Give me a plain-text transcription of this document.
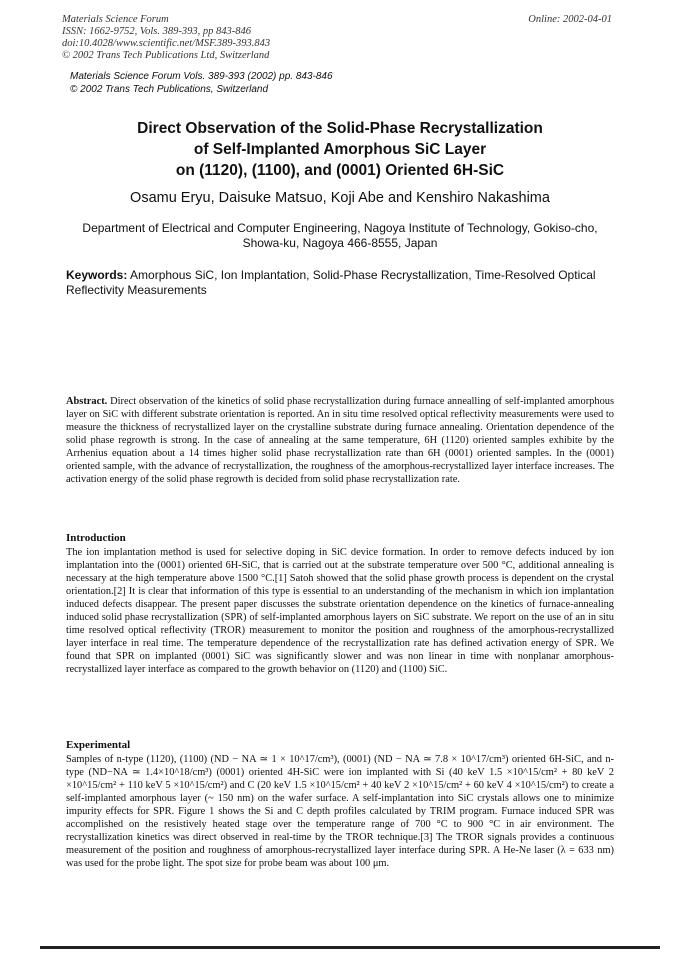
Materials Science Forum
ISSN: 1662-9752, Vols. 389-393, pp 843-846
doi:10.4028/www.scientific.net/MSF.389-393.843
© 2002 Trans Tech Publications Ltd, Switzerland
Online: 2002-04-01
Materials Science Forum Vols. 389-393 (2002) pp. 843-846
© 2002 Trans Tech Publications, Switzerland
Direct Observation of the Solid-Phase Recrystallization
of Self-Implanted Amorphous SiC Layer
on (1120), (1100), and (0001) Oriented 6H-SiC
Osamu Eryu, Daisuke Matsuo, Koji Abe and Kenshiro Nakashima
Department of Electrical and Computer Engineering, Nagoya Institute of Technology, Gokiso-cho,
Showa-ku, Nagoya 466-8555, Japan
Keywords: Amorphous SiC, Ion Implantation, Solid-Phase Recrystallization, Time-Resolved Optical Reflectivity Measurements
Abstract. Direct observation of the kinetics of solid phase recrystallization during furnace annealling of self-implanted amorphous layer on SiC with different substrate orientation is reported. An in situ time resolved optical reflectivity measurements were used to measure the thickness of recrystallized layer on the crystalline substrate during furnace annealing. Orientation dependence of the solid phase regrowth is strong. In the case of annealing at the same temperature, 6H (1120) oriented samples exhibite by the Arrhenius equation about a 14 times higher solid phase recrystallization rate than 6H (0001) oriented samples. In the (0001) oriented sample, with the advance of recrystallization, the roughness of the amorphous-recrystallized layer interface increases. The activation energy of the solid phase regrowth is decided from solid phase recrystallization rate.
Introduction
The ion implantation method is used for selective doping in SiC device formation. In order to remove defects induced by ion implantation into the (0001) oriented 6H-SiC, that is carried out at the substrate temperature over 500 °C, additional annealing is necessary at the high temperature above 1500 °C.[1] Satoh showed that the solid phase growth process is dependent on the crystal orientation.[2] It is clear that information of this type is essential to an understanding of the mechanism in which ion implantation induced defects disappear. The present paper discusses the substrate orientation dependence on the kinetics of furnace-annealing induced solid phase recrystallization (SPR) of self-implanted amorphous layers on SiC substrate. We report on the use of an in situ time resolved optical reflectivity (TROR) measurement to monitor the position and roughness of the amorphous-recrystallized layer interface in real time. The temperature dependence of the recrystallization rate has defined activation energy of SPR. We found that SPR on implanted (0001) SiC was significantly slower and was non linear in time with nonplanar amorphous-recrystallized layer interface as compared to the growth behavior on (1120) and (1100) SiC.
Experimental
Samples of n-type (1120), (1100) (ND − NA ≃ 1 × 10^17/cm³), (0001) (ND − NA ≃ 7.8 × 10^17/cm³) oriented 6H-SiC, and n-type (ND−NA ≃ 1.4×10^18/cm³) (0001) oriented 4H-SiC were ion implanted with Si (40 keV 1.5 ×10^15/cm² + 80 keV 2 ×10^15/cm² + 110 keV 5 ×10^15/cm²) and C (20 keV 1.5 ×10^15/cm² + 40 keV 2 ×10^15/cm² + 60 keV 4 ×10^15/cm²) to create a self-implanted amorphous layer (~ 150 nm) on the wafer surface. A self-implantation into SiC crystals allows one to minimize impurity effects for SPR. Figure 1 shows the Si and C depth profiles calculated by TRIM program. Furnace induced SPR was accomplished on the resistively heated stage over the temperature range of 700 °C to 900 °C in air environment. The recrystallization kinetics was direct observed in real-time by the TROR technique.[3] The TROR signals provides a continuous measurement of the position and roughness of amorphous-recrystallized layer interface during SPR. A He-Ne laser (λ = 633 nm) was used for the probe light. The spot size for probe beam was about 100 μm.
